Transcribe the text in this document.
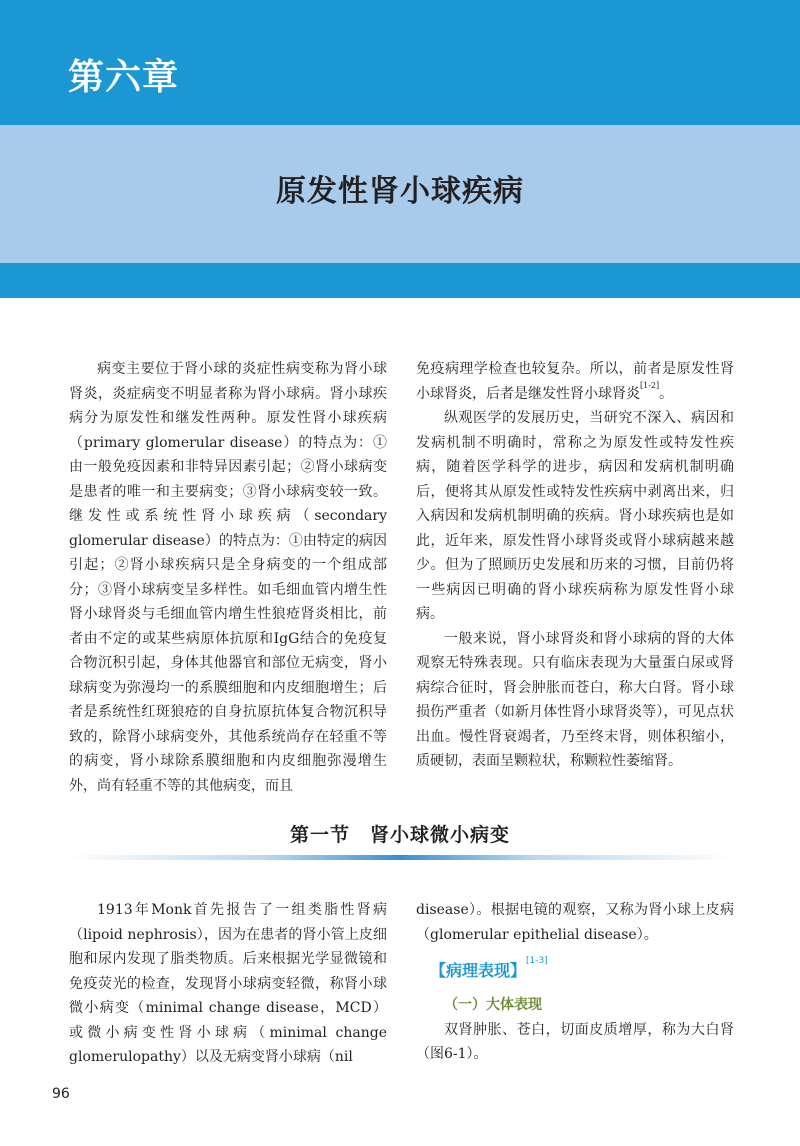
第六章
原发性肾小球疾病

病变主要位于肾小球的炎症性病变称为肾小球肾炎，炎症病变不明显者称为肾小球病。肾小球疾病分为原发性和继发性两种。原发性肾小球疾病（primary glomerular disease）的特点为：①由一般免疫因素和非特异因素引起；②肾小球病变是患者的唯一和主要病变；③肾小球病变较一致。继发性或系统性肾小球疾病（secondary glomerular disease）的特点为：①由特定的病因引起；②肾小球疾病只是全身病变的一个组成部分；③肾小球病变呈多样性。如毛细血管内增生性肾小球肾炎与毛细血管内增生性狼疮肾炎相比，前者由不定的或某些病原体抗原和IgG结合的免疫复合物沉积引起，身体其他器官和部位无病变，肾小球病变为弥漫均一的系膜细胞和内皮细胞增生；后者是系统性红斑狼疮的自身抗原抗体复合物沉积导致的，除肾小球病变外，其他系统尚存在轻重不等的病变，肾小球除系膜细胞和内皮细胞弥漫增生外，尚有轻重不等的其他病变，而且

免疫病理学检查也较复杂。所以，前者是原发性肾小球肾炎，后者是继发性肾小球肾炎[1-2]。

纵观医学的发展历史，当研究不深入、病因和发病机制不明确时，常称之为原发性或特发性疾病，随着医学科学的进步，病因和发病机制明确后，便将其从原发性或特发性疾病中剥离出来，归入病因和发病机制明确的疾病。肾小球疾病也是如此，近年来，原发性肾小球肾炎或肾小球病越来越少。但为了照顾历史发展和历来的习惯，目前仍将一些病因已明确的肾小球疾病称为原发性肾小球病。

一般来说，肾小球肾炎和肾小球病的肾的大体观察无特殊表现。只有临床表现为大量蛋白尿或肾病综合征时，肾会肿胀而苍白，称大白肾。肾小球损伤严重者（如新月体性肾小球肾炎等），可见点状出血。慢性肾衰竭者，乃至终末肾，则体积缩小，质硬韧，表面呈颗粒状，称颗粒性萎缩肾。

第一节　肾小球微小病变

1913年Monk首先报告了一组类脂性肾病（lipoid nephrosis），因为在患者的肾小管上皮细胞和尿内发现了脂类物质。后来根据光学显微镜和免疫荧光的检查，发现肾小球病变轻微，称肾小球微小病变（minimal change disease，MCD）或微小病变性肾小球病（minimal change glomerulopathy）以及无病变肾小球病（nil

disease）。根据电镜的观察，又称为肾小球上皮病（glomerular epithelial disease）。

【病理表现】[1-3]

（一）大体表现

双肾肿胀、苍白，切面皮质增厚，称为大白肾（图6-1）。

96
